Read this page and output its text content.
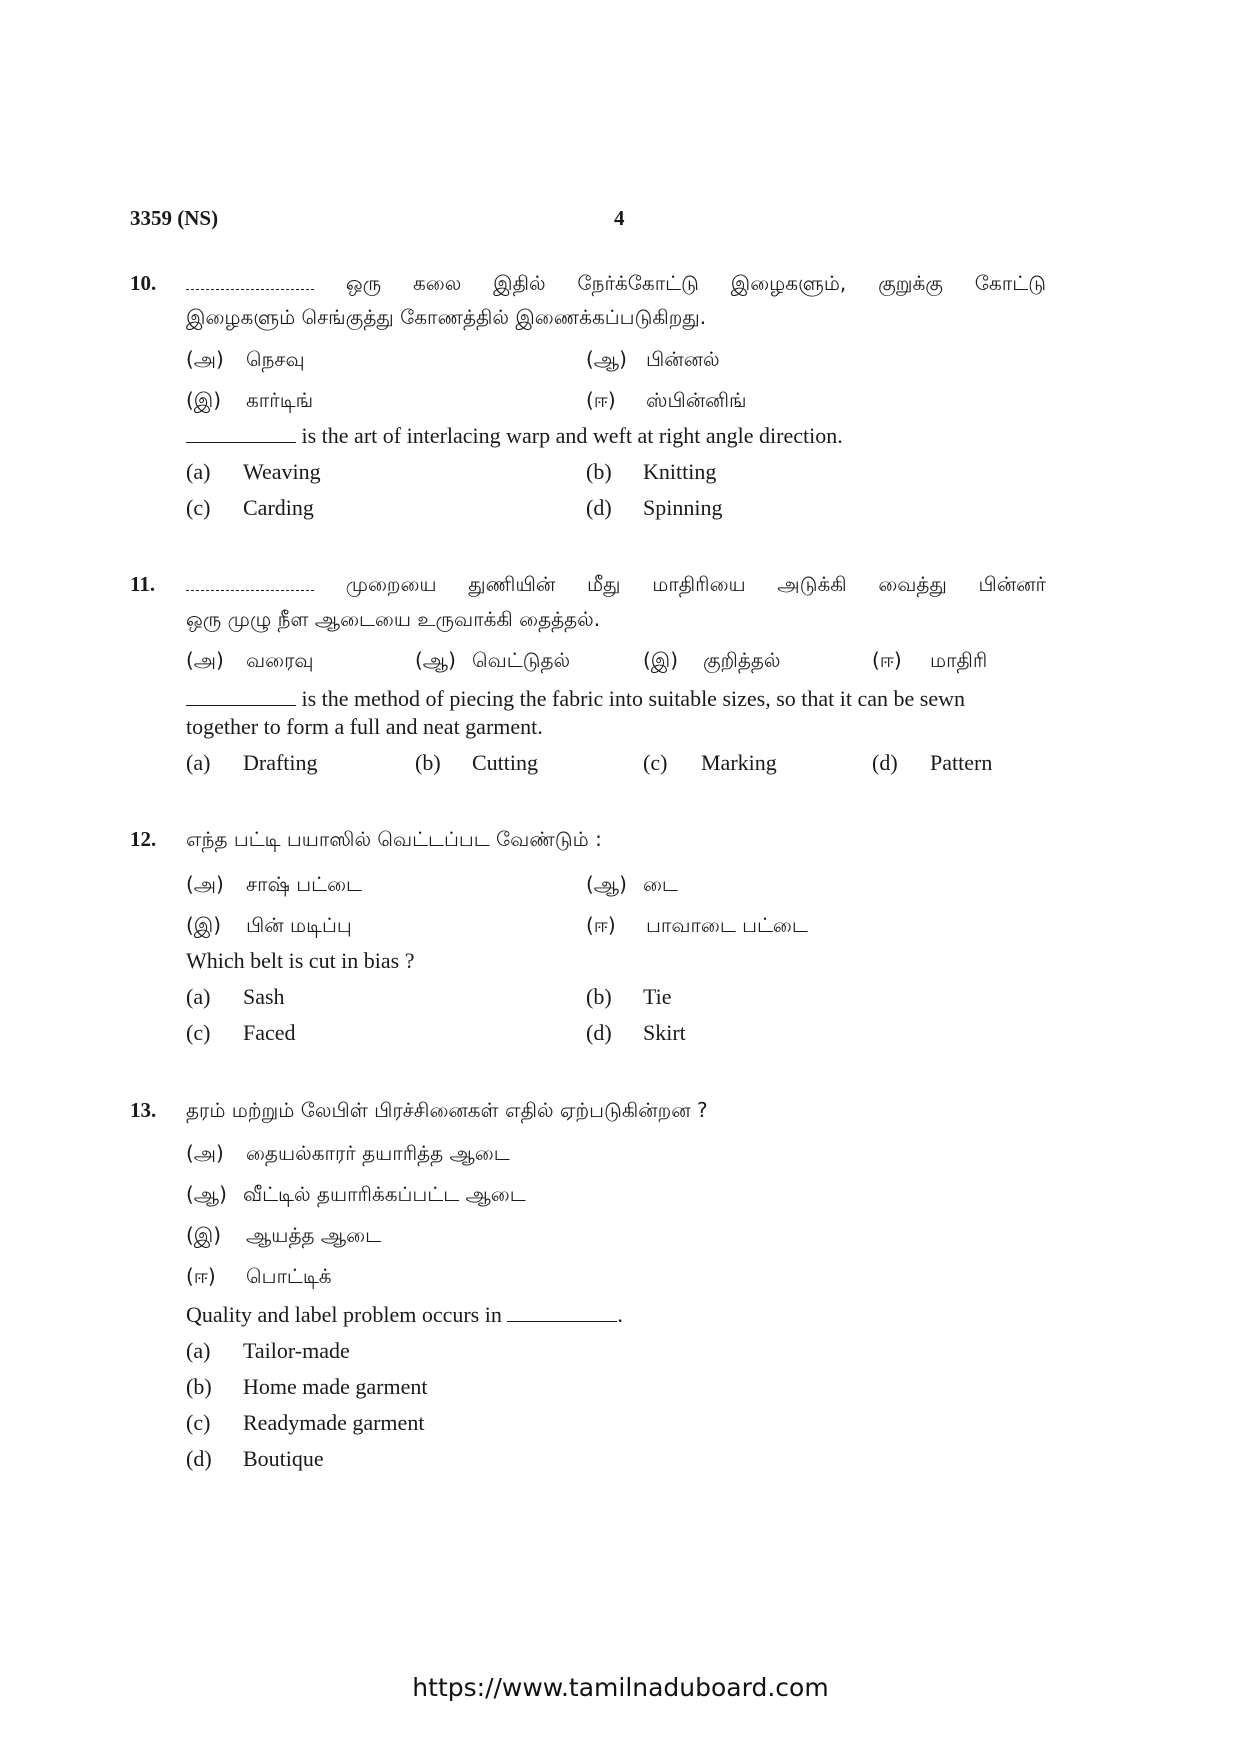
3359 (NS)	4
10.	ஒரு கலை இதில் நேர்க்கோட்டு இழைகளும், குறுக்கு கோட்டு
இழைகளும் செங்குத்து கோணத்தில் இணைக்கப்படுகிறது.
(அ) நெசவு	(ஆ) பின்னல்
(இ) கார்டிங்	(ஈ) ஸ்பின்னிங்
is the art of interlacing warp and weft at right angle direction.
(a) Weaving	(b) Knitting
(c) Carding	(d) Spinning
11.	முறையை துணியின் மீது மாதிரியை அடுக்கி வைத்து பின்னர்
ஒரு முழு நீள ஆடையை உருவாக்கி தைத்தல்.
(அ) வரைவு	(ஆ) வெட்டுதல்	(இ) குறித்தல்	(ஈ) மாதிரி
is the method of piecing the fabric into suitable sizes, so that it can be sewn
together to form a full and neat garment.
(a) Drafting	(b) Cutting	(c) Marking	(d) Pattern
12. எந்த பட்டி பயாஸில் வெட்டப்பட வேண்டும் :
(அ) சாஷ் பட்டை	(ஆ) டை
(இ) பின் மடிப்பு	(ஈ) பாவாடை பட்டை
Which belt is cut in bias ?
(a) Sash	(b) Tie
(c) Faced	(d) Skirt
13. தரம் மற்றும் லேபிள் பிரச்சினைகள் எதில் ஏற்படுகின்றன ?
(அ) தையல்காரர் தயாரித்த ஆடை
(ஆ) வீட்டில் தயாரிக்கப்பட்ட ஆடை
(இ) ஆயத்த ஆடை
(ஈ) பொட்டிக்
Quality and label problem occurs in	.
(a) Tailor-made
(b) Home made garment
(c) Readymade garment
(d) Boutique
https://www.tamilnaduboard.com
